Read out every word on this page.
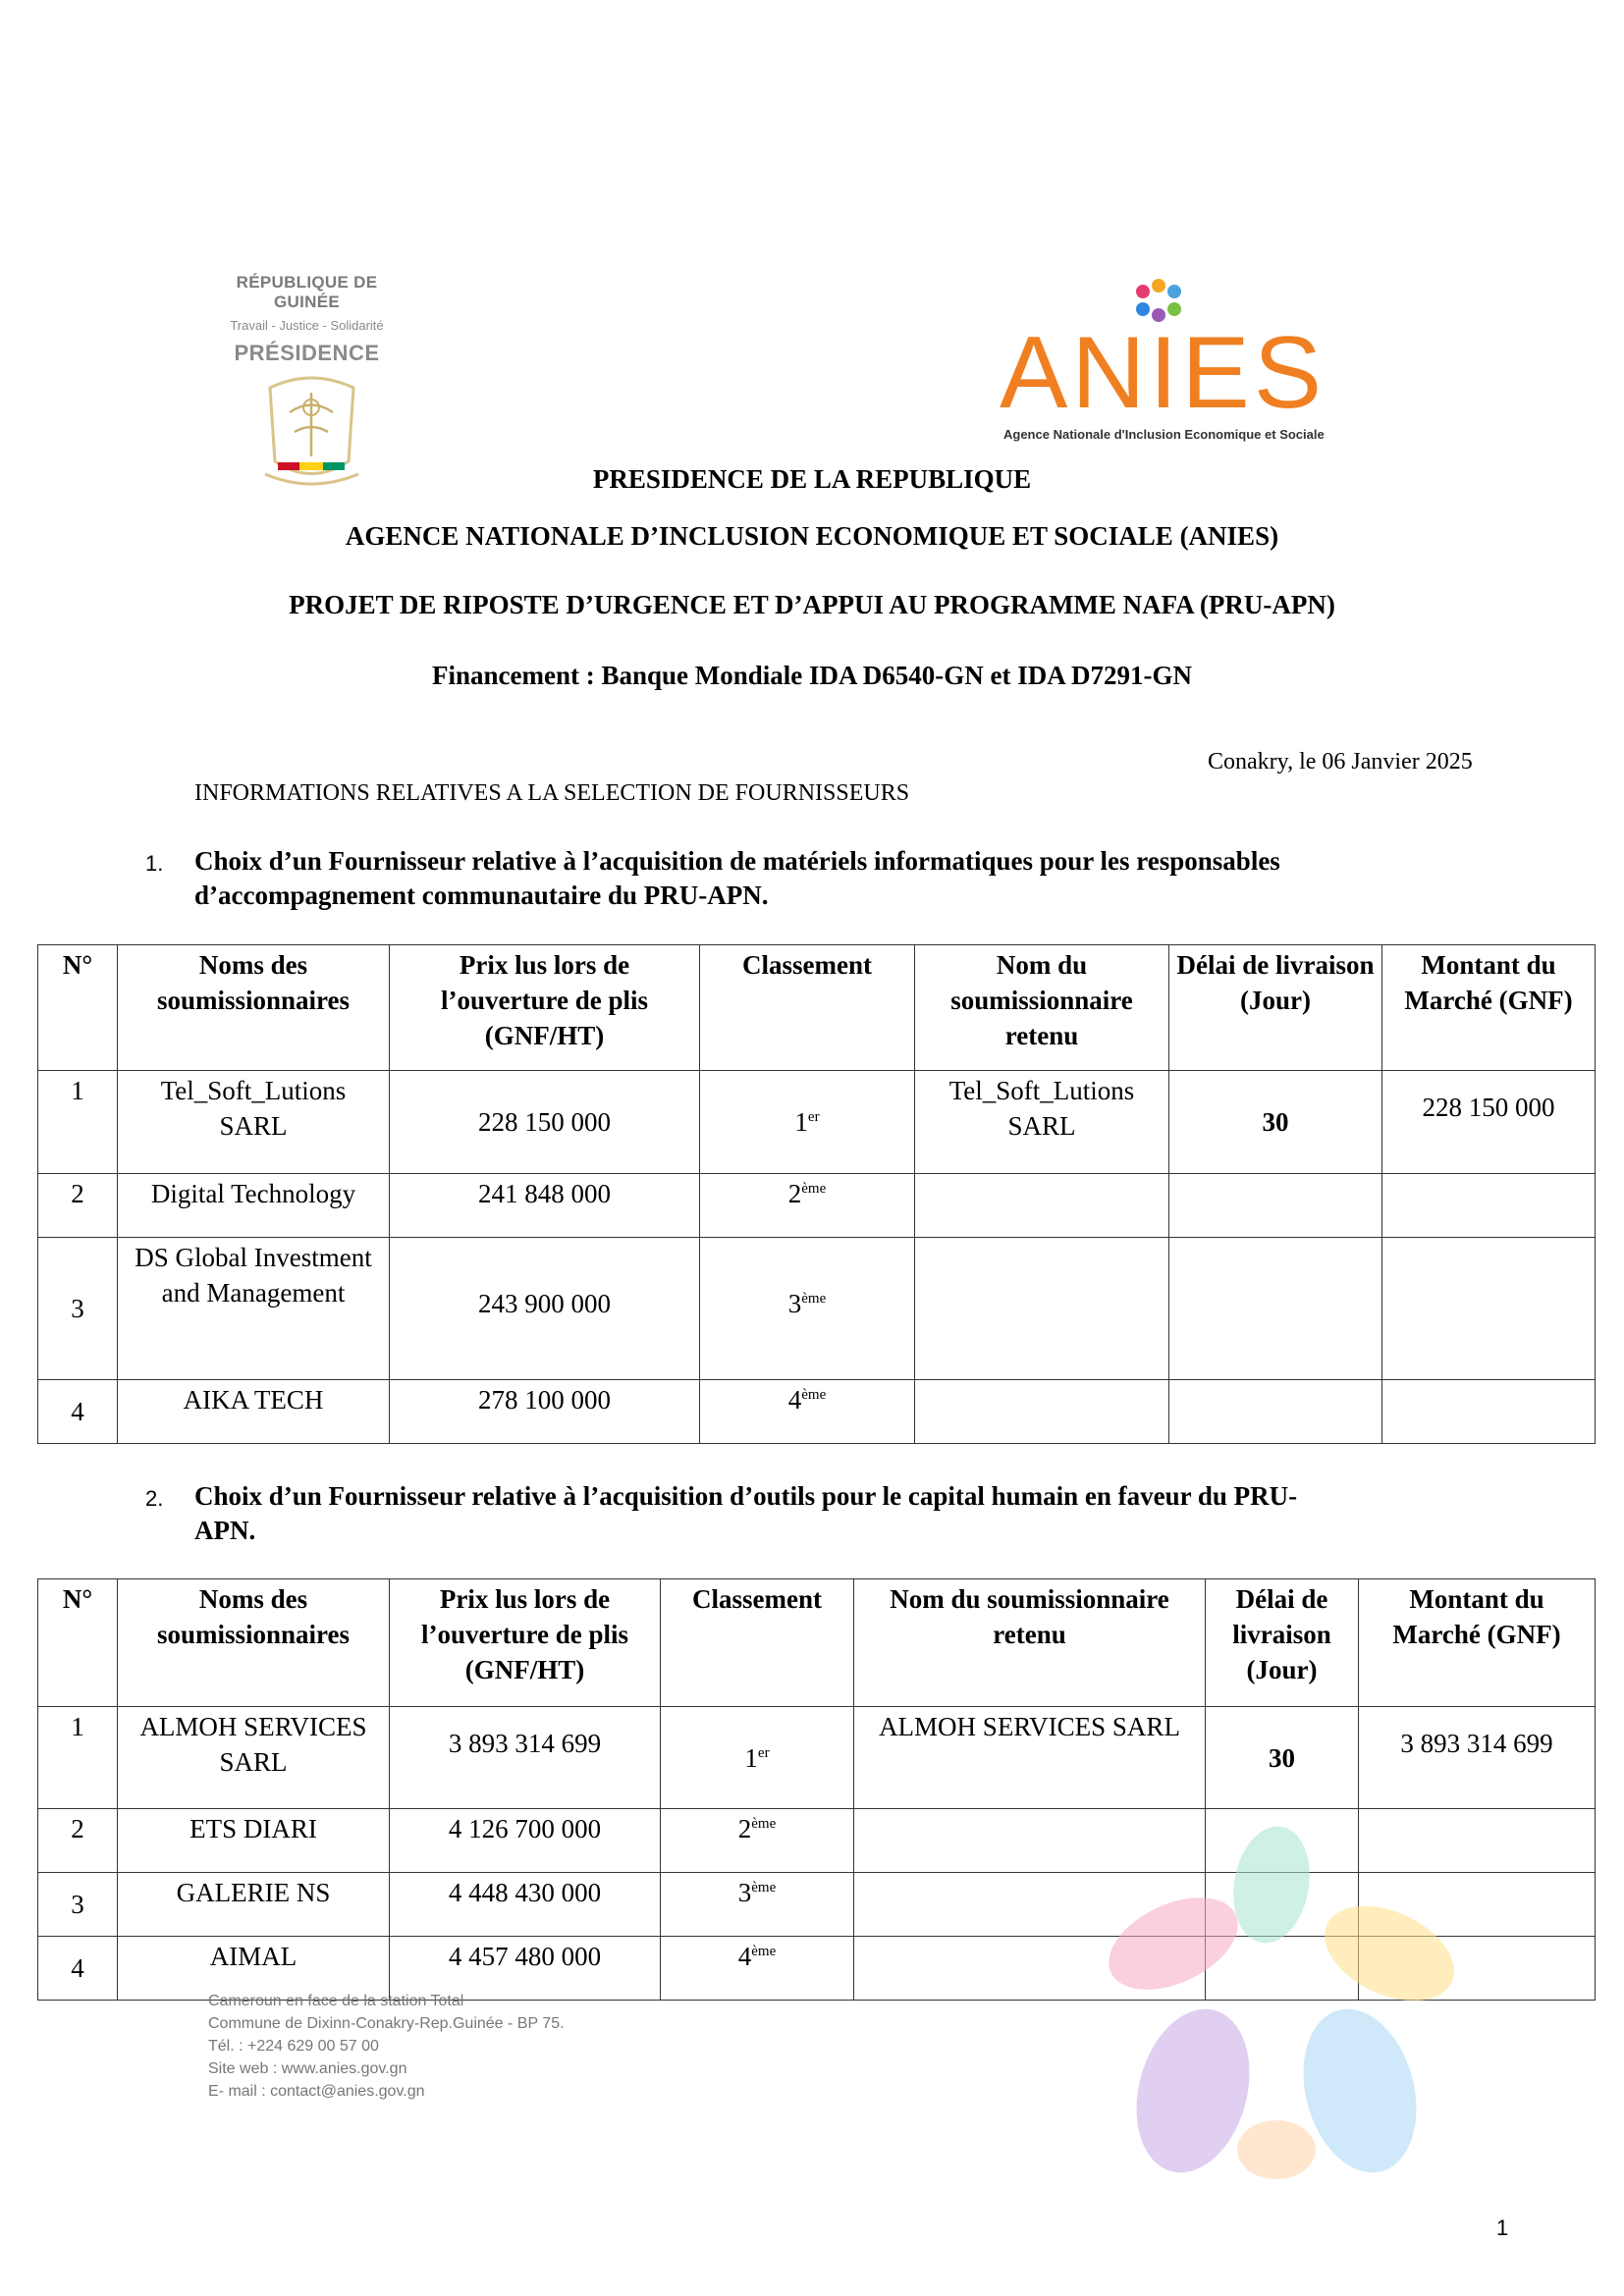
RÉPUBLIQUE DE GUINÉE
Travail - Justice - Solidarité
PRÉSIDENCE	ANIES
Agence Nationale d'Inclusion Economique et Sociale
PRESIDENCE DE LA REPUBLIQUE
AGENCE NATIONALE D’INCLUSION ECONOMIQUE ET SOCIALE (ANIES)
PROJET DE RIPOSTE D’URGENCE ET D’APPUI AU PROGRAMME NAFA (PRU-APN)
Financement : Banque Mondiale IDA D6540-GN et IDA D7291-GN
Conakry, le 06 Janvier 2025
INFORMATIONS RELATIVES A LA SELECTION DE FOURNISSEURS
1. Choix d’un Fournisseur relative à l’acquisition de matériels informatiques pour les responsables
d’accompagnement communautaire du PRU-APN.
N°	Noms des soumissionnaires	Prix lus lors de l’ouverture de plis (GNF/HT)	Classement	Nom du soumissionnaire retenu	Délai de livraison (Jour)	Montant du Marché (GNF)
1	Tel_Soft_Lutions SARL	228 150 000	1er	Tel_Soft_Lutions SARL	30	228 150 000
2	Digital Technology	241 848 000	2ème			
3	DS Global Investment and Management	243 900 000	3ème			
4	AIKA TECH	278 100 000	4ème			
2. Choix d’un Fournisseur relative à l’acquisition d’outils pour le capital humain en faveur du PRU-
APN.
N°	Noms des soumissionnaires	Prix lus lors de l’ouverture de plis (GNF/HT)	Classement	Nom du soumissionnaire retenu	Délai de livraison (Jour)	Montant du Marché (GNF)
1	ALMOH SERVICES SARL	3 893 314 699	1er	ALMOH SERVICES SARL	30	3 893 314 699
2	ETS DIARI	4 126 700 000	2ème			
3	GALERIE NS	4 448 430 000	3ème			
4	AIMAL	4 457 480 000	4ème			
Cameroun en face de la station Total
Commune de Dixinn-Conakry-Rep.Guinée - BP 75.
Tél. : +224 629 00 57 00
Site web : www.anies.gov.gn
E- mail : contact@anies.gov.gn
1
